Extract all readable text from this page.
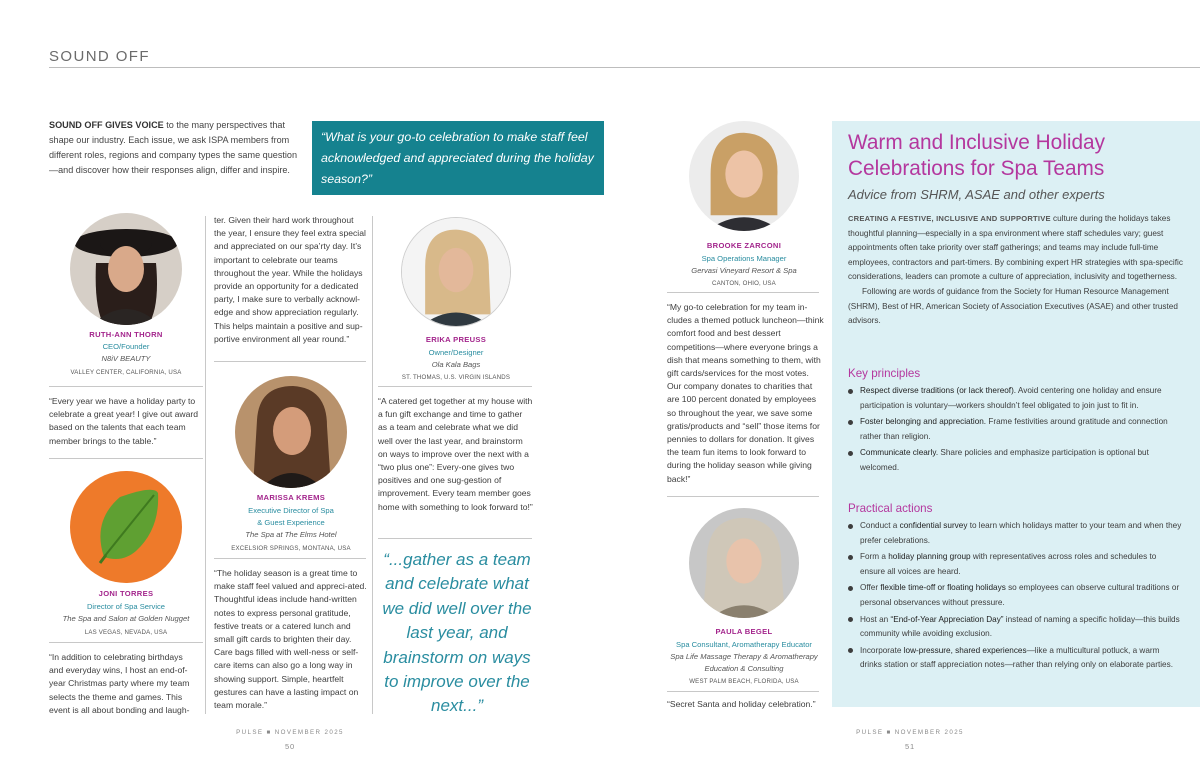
SOUND OFF
SOUND OFF GIVES VOICE to the many perspectives that shape our industry. Each issue, we ask ISPA members from different roles, regions and company types the same question—and discover how their responses align, differ and inspire.
“What is your go-to celebration to make staff feel acknowledged and appreciated during the holiday season?”
RUTH-ANN THORN
CEO/Founder
N8iV BEAUTY
VALLEY CENTER, CALIFORNIA, USA
“Every year we have a holiday party to celebrate a great year! I give out award based on the talents that each team member brings to the table.”
JONI TORRES
Director of Spa Service
The Spa and Salon at Golden Nugget
LAS VEGAS, NEVADA, USA
“In addition to celebrating birthdays and everyday wins, I host an end-of-year Christmas party where my team selects the theme and games. This event is all about bonding and laugh-
ter. Given their hard work throughout the year, I ensure they feel extra special and appreciated on our spa’rty day. It’s important to celebrate our teams throughout the year. While the holidays provide an opportunity for a dedicated party, I make sure to verbally acknowl-edge and show appreciation regularly. This helps maintain a positive and sup-portive environment all year round.”
MARISSA KREMS
Executive Director of Spa
& Guest Experience
The Spa at The Elms Hotel
EXCELSIOR SPRINGS, MONTANA, USA
“The holiday season is a great time to make staff feel valued and appreci-ated. Thoughtful ideas include hand-written notes to express personal gratitude, festive treats or a catered lunch and small gift cards to brighten their day. Care bags filled with well-ness or self-care items can also go a long way in showing support. Simple, heartfelt gestures can have a lasting impact on team morale.”
ERIKA PREUSS
Owner/Designer
Ola Kala Bags
ST. THOMAS, U.S. VIRGIN ISLANDS
“A catered get together at my house with a fun gift exchange and time to gather as a team and celebrate what we did well over the last year, and brainstorm on ways to improve over the next with a “two plus one”: Every-one gives two positives and one sug-gestion of improvement. Every team member goes home with something to look forward to!”
“...gather as a team and celebrate what we did well over the last year, and brainstorm on ways to improve over the next...”
BROOKE ZARCONI
Spa Operations Manager
Gervasi Vineyard Resort & Spa
CANTON, OHIO, USA
“My go-to celebration for my team in-cludes a themed potluck luncheon—think comfort food and best dessert competitions—where everyone brings a dish that means something to them, with gift cards/services for the most votes. Our company donates to charities that are 100 percent donated by employees so throughout the year, we save some gratis/products and “sell” those items for pennies to dollars for donation. It gives the team fun items to look forward to during the holiday season while giving back!”
PAULA BEGEL
Spa Consultant, Aromatherapy Educator
Spa Life Massage Therapy & Aromatherapy
Education & Consulting
WEST PALM BEACH, FLORIDA, USA
“Secret Santa and holiday celebration.”
Warm and Inclusive Holiday Celebrations for Spa Teams
Advice from SHRM, ASAE and other experts

CREATING A FESTIVE, INCLUSIVE AND SUPPORTIVE culture during the holidays takes thoughtful planning—especially in a spa environment where staff schedules vary; guest appointments often take priority over staff gatherings; and teams may include full-time employees, contractors and part-timers. By combining expert HR strategies with spa-specific considerations, leaders can promote a culture of appreciation, inclusivity and togetherness.

Following are words of guidance from the Society for Human Resource Management (SHRM), Best of HR, American Society of Association Executives (ASAE) and other trusted advisors.

Key principles
Respect diverse traditions (or lack thereof). Avoid centering one holiday and ensure participation is voluntary—workers shouldn’t feel obligated to join just to fit in.
Foster belonging and appreciation. Frame festivities around gratitude and connection rather than religion.
Communicate clearly. Share policies and emphasize participation is optional but welcomed.
Practical actions
Conduct a confidential survey to learn which holidays matter to your team and when they prefer celebrations.
Form a holiday planning group with representatives across roles and schedules to ensure all voices are heard.
Offer flexible time-off or floating holidays so employees can observe cultural traditions or personal observances without pressure.
Host an “End-of-Year Appreciation Day” instead of naming a specific holiday—this builds community while avoiding exclusion.
Incorporate low-pressure, shared experiences—like a multicultural potluck, a warm drinks station or staff appreciation notes—rather than relying only on elaborate parties.
PULSE ■ NOVEMBER 2025
50
PULSE ■ NOVEMBER 2025
51
